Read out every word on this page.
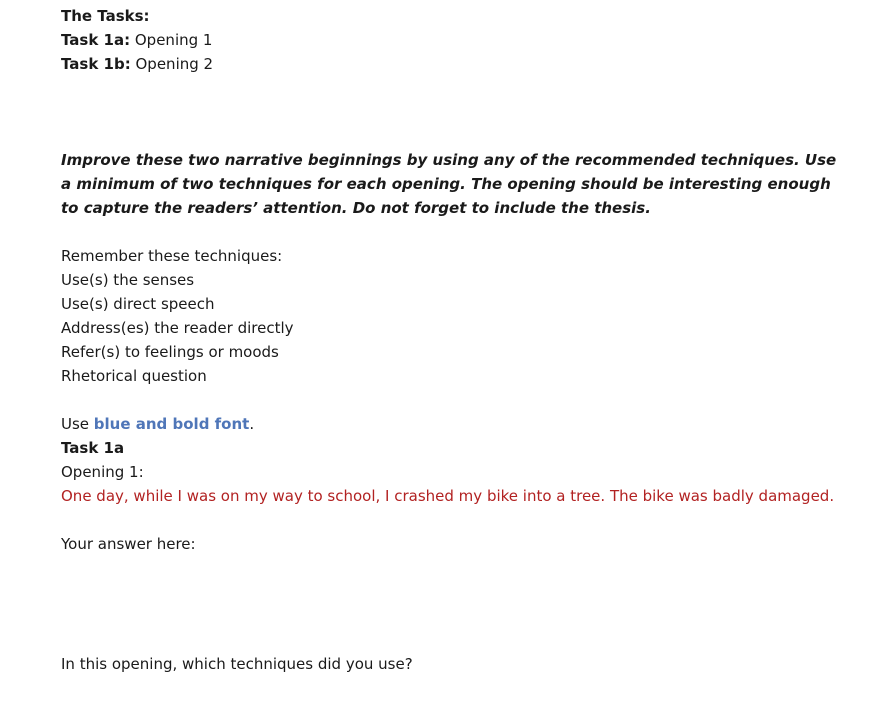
The Tasks:
Task 1a: Opening 1
Task 1b: Opening 2
Improve these two narrative beginnings by using any of the recommended techniques. Use a minimum of two techniques for each opening. The opening should be interesting enough to capture the readers’ attention. Do not forget to include the thesis.
Remember these techniques:
Use(s) the senses
Use(s) direct speech
Address(es) the reader directly
Refer(s) to feelings or moods
Rhetorical question
Use blue and bold font.
Task 1a
Opening 1:
One day, while I was on my way to school, I crashed my bike into a tree. The bike was badly damaged.
Your answer here:
In this opening, which techniques did you use?
